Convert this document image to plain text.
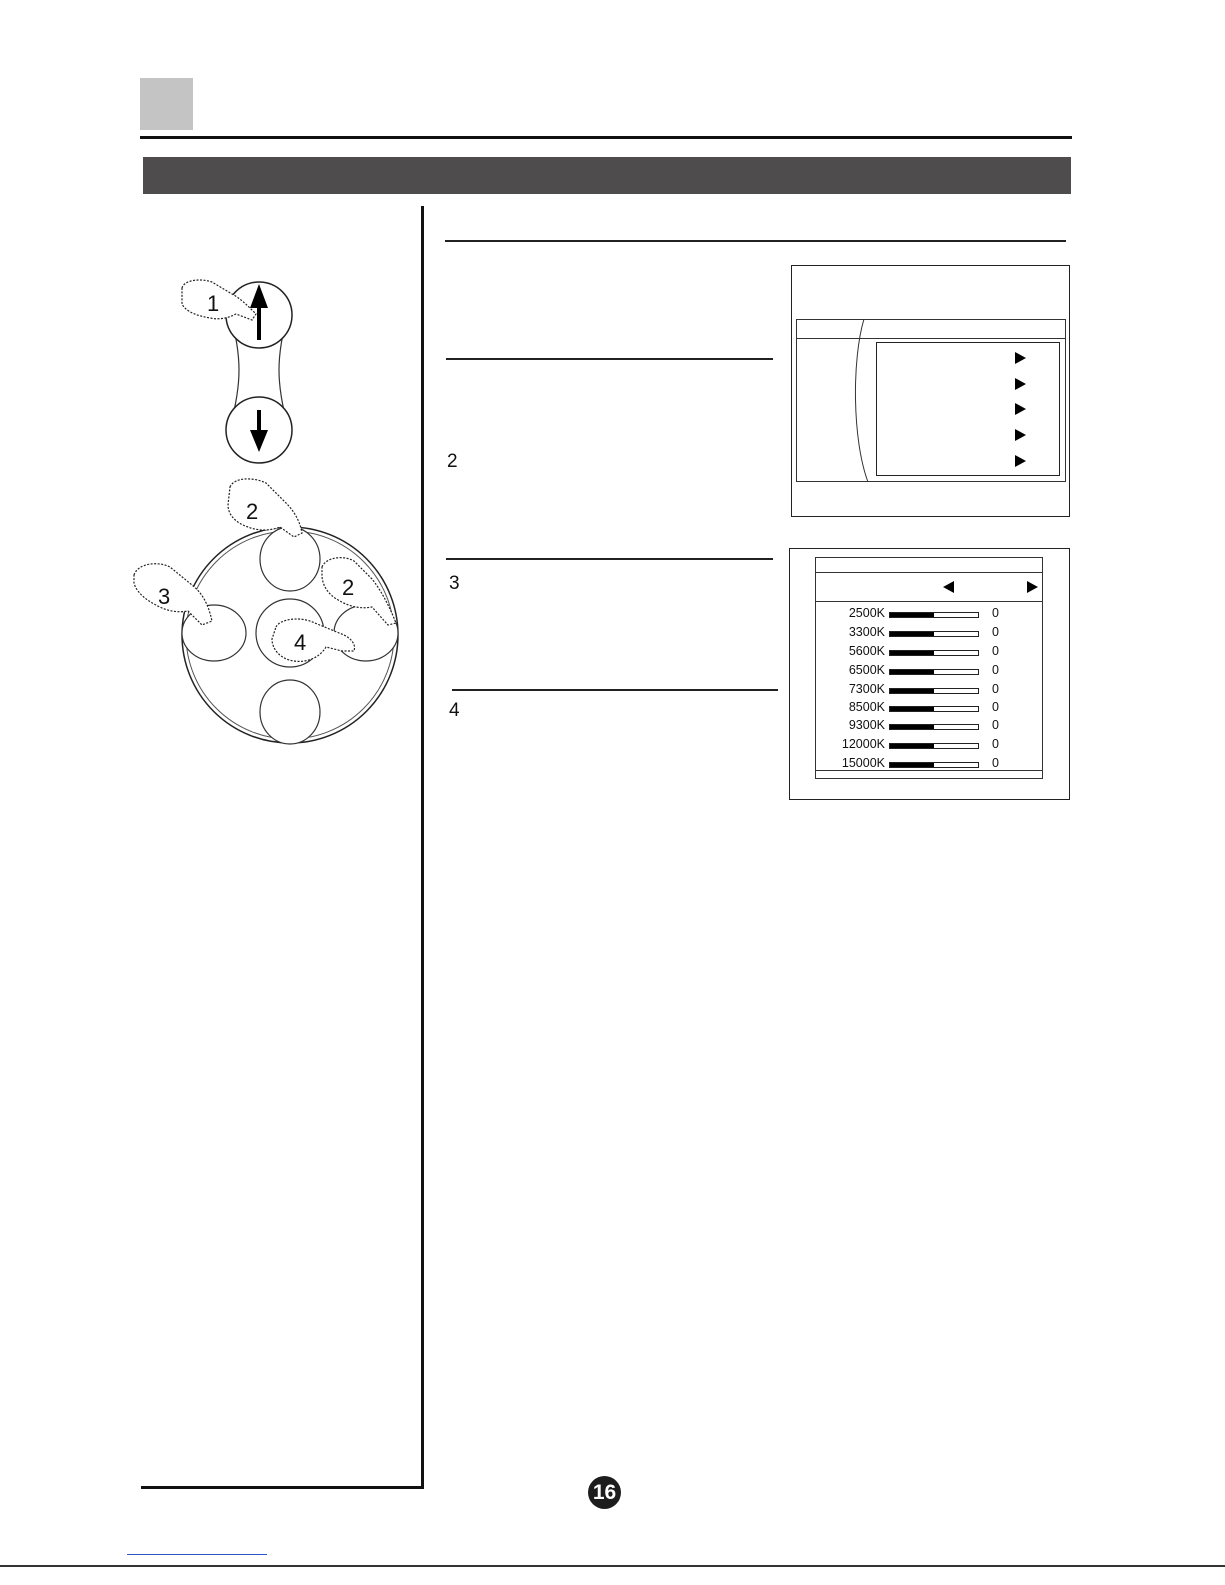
1
2
2
3
4
2
3
4
2500K	0
3300K	0
5600K	0
6500K	0
7300K	0
8500K	0
9300K	0
12000K	0
15000K	0
16
